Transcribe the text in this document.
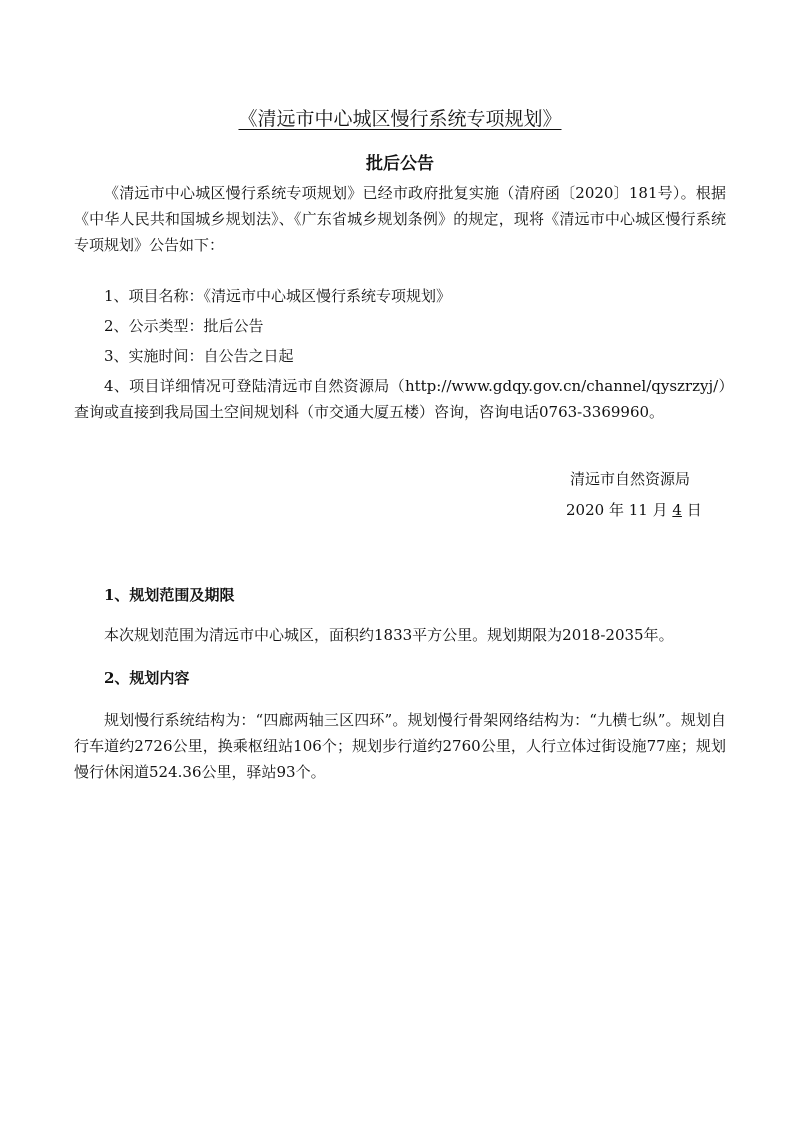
《清远市中心城区慢行系统专项规划》
批后公告

《清远市中心城区慢行系统专项规划》已经市政府批复实施（清府函〔2020〕181号）。根据《中华人民共和国城乡规划法》、《广东省城乡规划条例》的规定，现将《清远市中心城区慢行系统专项规划》公告如下：

1、项目名称：《清远市中心城区慢行系统专项规划》

2、公示类型：批后公告

3、实施时间：自公告之日起

4、项目详细情况可登陆清远市自然资源局（http://www.gdqy.gov.cn/channel/qyszrzyj/）查询或直接到我局国土空间规划科（市交通大厦五楼）咨询，咨询电话0763-3369960。

清远市自然资源局
2020 年 11 月 4 日
1、规划范围及期限

本次规划范围为清远市中心城区，面积约1833平方公里。规划期限为2018-2035年。

2、规划内容

规划慢行系统结构为：“四廊两轴三区四环”。规划慢行骨架网络结构为：“九横七纵”。规划自行车道约2726公里，换乘枢纽站106个；规划步行道约2760公里，人行立体过街设施77座；规划慢行休闲道524.36公里，驿站93个。
